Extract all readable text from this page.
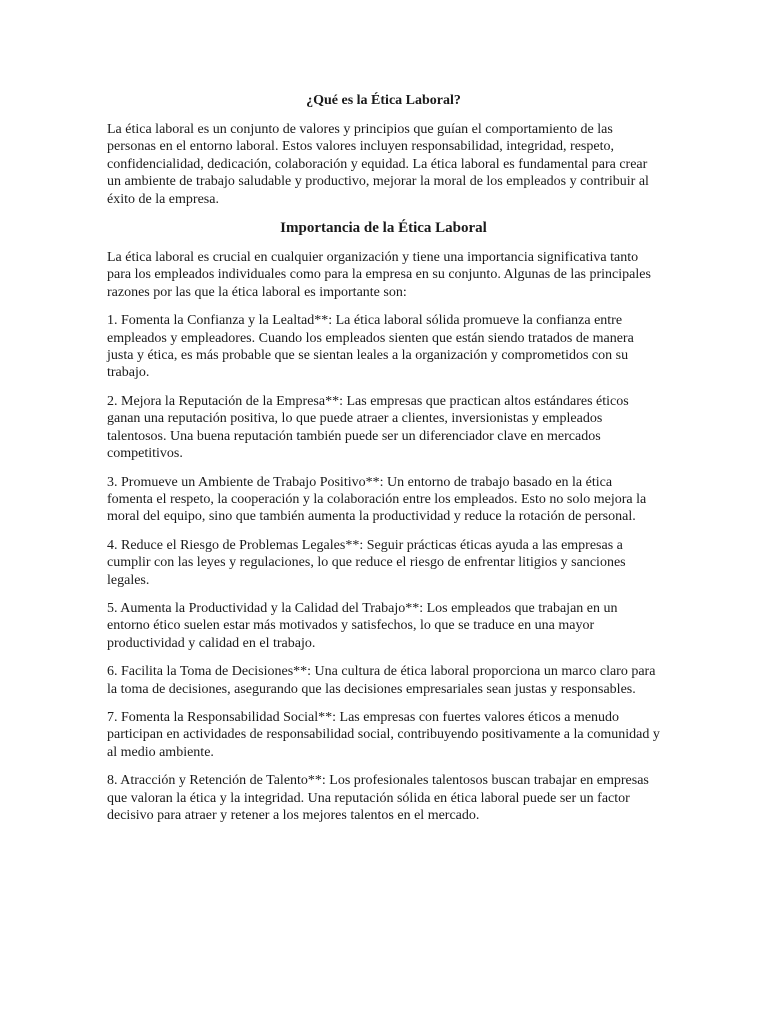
¿Qué es la Ética Laboral?

La ética laboral es un conjunto de valores y principios que guían el comportamiento de las personas en el entorno laboral. Estos valores incluyen responsabilidad, integridad, respeto, confidencialidad, dedicación, colaboración y equidad. La ética laboral es fundamental para crear un ambiente de trabajo saludable y productivo, mejorar la moral de los empleados y contribuir al éxito de la empresa.

Importancia de la Ética Laboral

La ética laboral es crucial en cualquier organización y tiene una importancia significativa tanto para los empleados individuales como para la empresa en su conjunto. Algunas de las principales razones por las que la ética laboral es importante son:

1. Fomenta la Confianza y la Lealtad**: La ética laboral sólida promueve la confianza entre empleados y empleadores. Cuando los empleados sienten que están siendo tratados de manera justa y ética, es más probable que se sientan leales a la organización y comprometidos con su trabajo.

2. Mejora la Reputación de la Empresa**: Las empresas que practican altos estándares éticos ganan una reputación positiva, lo que puede atraer a clientes, inversionistas y empleados talentosos. Una buena reputación también puede ser un diferenciador clave en mercados competitivos.

3. Promueve un Ambiente de Trabajo Positivo**: Un entorno de trabajo basado en la ética fomenta el respeto, la cooperación y la colaboración entre los empleados. Esto no solo mejora la moral del equipo, sino que también aumenta la productividad y reduce la rotación de personal.

4. Reduce el Riesgo de Problemas Legales**: Seguir prácticas éticas ayuda a las empresas a cumplir con las leyes y regulaciones, lo que reduce el riesgo de enfrentar litigios y sanciones legales.

5. Aumenta la Productividad y la Calidad del Trabajo**: Los empleados que trabajan en un entorno ético suelen estar más motivados y satisfechos, lo que se traduce en una mayor productividad y calidad en el trabajo.

6. Facilita la Toma de Decisiones**: Una cultura de ética laboral proporciona un marco claro para la toma de decisiones, asegurando que las decisiones empresariales sean justas y responsables.

7. Fomenta la Responsabilidad Social**: Las empresas con fuertes valores éticos a menudo participan en actividades de responsabilidad social, contribuyendo positivamente a la comunidad y al medio ambiente.

8. Atracción y Retención de Talento**: Los profesionales talentosos buscan trabajar en empresas que valoran la ética y la integridad. Una reputación sólida en ética laboral puede ser un factor decisivo para atraer y retener a los mejores talentos en el mercado.
